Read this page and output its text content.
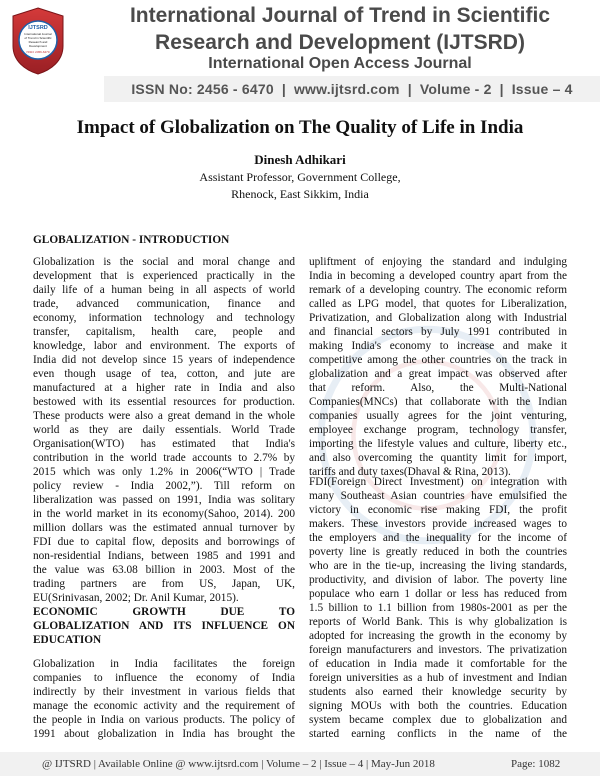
IJTSRD
International Journal
of Trend in Scientific
Research and
Development
ISSN: 2456-6470
International Journal of Trend in Scientific
Research and Development (IJTSRD)
International Open Access Journal
ISSN No: 2456 - 6470 | www.ijtsrd.com | Volume - 2 | Issue – 4
Impact of Globalization on The Quality of Life in India
Dinesh Adhikari
Assistant Professor, Government College,
Rhenock, East Sikkim, India
GLOBALIZATION - INTRODUCTION
Globalization is the social and moral change and
development that is experienced practically in the
daily life of a human being in all aspects of world
trade, advanced communication, finance and
economy, information technology and technology
transfer, capitalism, health care, people and
knowledge, labor and environment. The exports of
India did not develop since 15 years of independence
even though usage of tea, cotton, and jute are
manufactured at a higher rate in India and also
bestowed with its essential resources for production.
These products were also a great demand in the whole
world as they are daily essentials. World Trade
Organisation(WTO) has estimated that India's
contribution in the world trade accounts to 2.7% by
2015 which was only 1.2% in 2006(“WTO | Trade
policy review - India 2002,”). Till reform on
liberalization was passed on 1991, India was solitary
in the world market in its economy(Sahoo, 2014). 200
million dollars was the estimated annual turnover by
FDI due to capital flow, deposits and borrowings of
non-residential Indians, between 1985 and 1991 and
the value was 63.08 billion in 2003. Most of the
trading partners are from US, Japan, UK,
EU(Srinivasan, 2002; Dr. Anil Kumar, 2015).
ECONOMIC GROWTH DUE TO
GLOBALIZATION AND ITS INFLUENCE ON
EDUCATION
Globalization in India facilitates the foreign
companies to influence the economy of India
indirectly by their investment in various fields that
manage the economic activity and the requirement of
the people in India on various products. The policy of
1991 about globalization in India has brought the
upliftment of enjoying the standard and indulging
India in becoming a developed country apart from the
remark of a developing country. The economic reform
called as LPG model, that quotes for Liberalization,
Privatization, and Globalization along with Industrial
and financial sectors by July 1991 contributed in
making India's economy to increase and make it
competitive among the other countries on the track in
globalization and a great impact was observed after
that reform. Also, the Multi-National
Companies(MNCs) that collaborate with the Indian
companies usually agrees for the joint venturing,
employee exchange program, technology transfer,
importing the lifestyle values and culture, liberty etc.,
and also overcoming the quantity limit for import,
tariffs and duty taxes(Dhaval & Rina, 2013).
FDI(Foreign Direct Investment) on integration with
many Southeast Asian countries have emulsified the
victory in economic rise making FDI, the profit
makers. These investors provide increased wages to
the employers and the inequality for the income of
poverty line is greatly reduced in both the countries
who are in the tie-up, increasing the living standards,
productivity, and division of labor. The poverty line
populace who earn 1 dollar or less has reduced from
1.5 billion to 1.1 billion from 1980s-2001 as per the
reports of World Bank. This is why globalization is
adopted for increasing the growth in the economy by
foreign manufacturers and investors. The privatization
of education in India made it comfortable for the
foreign universities as a hub of investment and Indian
students also earned their knowledge security by
signing MOUs with both the countries. Education
system became complex due to globalization and
started earning conflicts in the name of the
@ IJTSRD | Available Online @ www.ijtsrd.com | Volume – 2 | Issue – 4 | May-Jun 2018	Page: 1082
